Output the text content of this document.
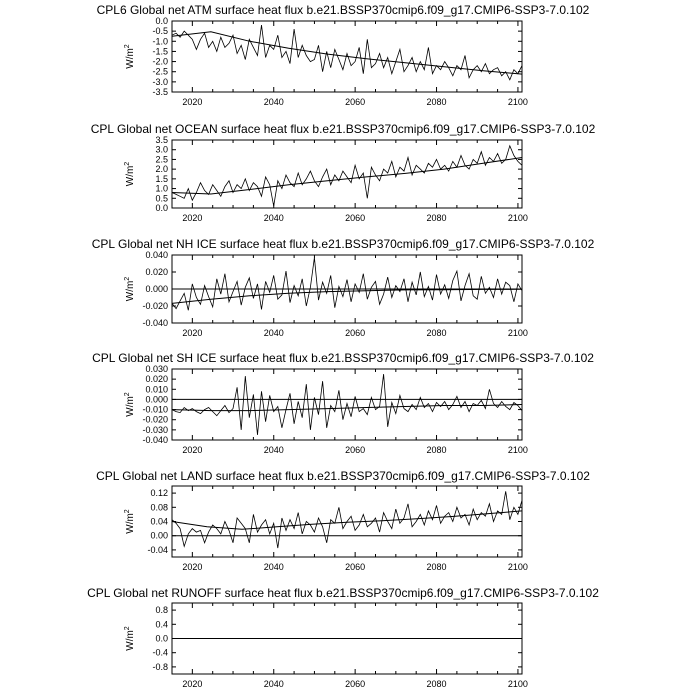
CPL6 Global net ATM surface heat flux b.e21.BSSP370cmip6.f09_g17.CMIP6-SSP3-7.0.102
-3.5
-3.0
-2.5
-2.0
-1.5
-1.0
-0.5
0.0
2020	2040	2060	2080	2100
$W/m^2$
CPL Global net OCEAN surface heat flux b.e21.BSSP370cmip6.f09_g17.CMIP6-SSP3-7.0.102
0.0
0.5
1.0
1.5
2.0
2.5
3.0
3.5
2020	2040	2060	2080	2100
$W/m^2$
CPL Global net NH ICE surface heat flux b.e21.BSSP370cmip6.f09_g17.CMIP6-SSP3-7.0.102
-0.040
-0.020
0.000
0.020
0.040
2020	2040	2060	2080	2100
$W/m^2$
CPL Global net SH ICE surface heat flux b.e21.BSSP370cmip6.f09_g17.CMIP6-SSP3-7.0.102
-0.040
-0.030
-0.020
-0.010
0.000
0.010
0.020
0.030
2020	2040	2060	2080	2100
$W/m^2$
CPL Global net LAND surface heat flux b.e21.BSSP370cmip6.f09_g17.CMIP6-SSP3-7.0.102
-0.04
0.00
0.04
0.08
0.12
2020	2040	2060	2080	2100
$W/m^2$
CPL Global net RUNOFF surface heat flux b.e21.BSSP370cmip6.f09_g17.CMIP6-SSP3-7.0.102
-0.8
-0.4
0.0
0.4
0.8
2020	2040	2060	2080	2100
$W/m^2$
